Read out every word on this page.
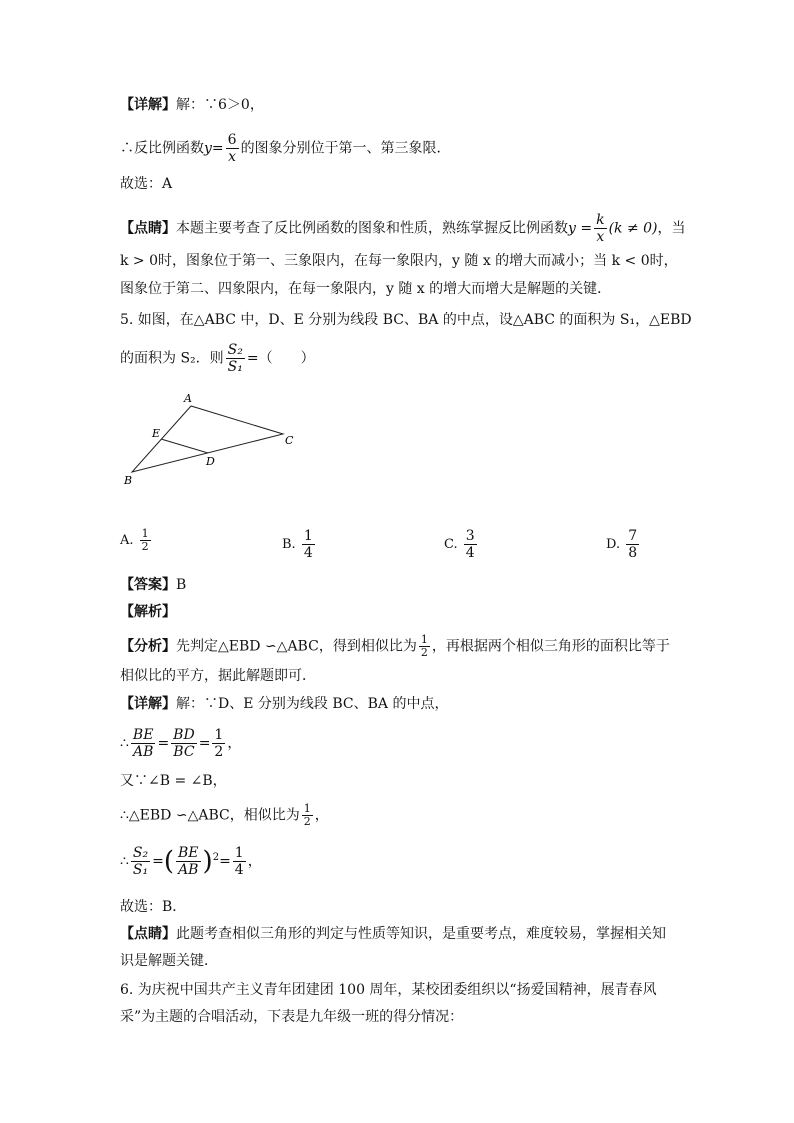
【详解】解：∵6＞0，
∴反比例函数$y= \frac{6}{x}$ 的图象分别位于第一、第三象限．
故选：A
【点睛】本题主要考查了反比例函数的图象和性质，熟练掌握反比例函数$y = \frac{k}{x} (k \ne 0)$，当
k > 0时，图象位于第一、三象限内，在每一象限内，y 随 x 的增大而减小；当 k < 0时，
图象位于第二、四象限内，在每一象限内，y 随 x 的增大而增大是解题的关键．
5. 如图，在△ABC 中，D、E 分别为线段 BC、BA 的中点，设△ABC 的面积为 S₁，△EBD
的面积为 S₂．则 $\frac{\text{S₂}}{\text{S₁}}$ =（　　）
A
B
C
D
E
A. $\frac{1}{2}$	B. $\frac{1}{4}$	C. $\frac{3}{4}$	D. $\frac{7}{8}$
【答案】B
【解析】
【分析】先判定△EBD ∽△ABC，得到相似比为 $\frac{1}{2}$ ，再根据两个相似三角形的面积比等于
相似比的平方，据此解题即可．
【详解】解：∵D、E 分别为线段 BC、BA 的中点，
∴ $\frac{BE}{AB} = \frac{BD}{BC} = \frac{1}{2}$ ，
又∵∠B = ∠B，
∴△EBD ∽△ABC，相似比为 $\frac{1}{2}$ ，
∴ $\frac{\text{S₂}}{\text{S₁}}$ =( $\frac{BE}{AB} )^2= \frac{1}{4}$ ，
故选：B．
【点睛】此题考查相似三角形的判定与性质等知识，是重要考点，难度较易，掌握相关知
识是解题关键．
6. 为庆祝中国共产主义青年团建团 100 周年，某校团委组织以“扬爱国精神，展青春风
采”为主题的合唱活动，下表是九年级一班的得分情况：
